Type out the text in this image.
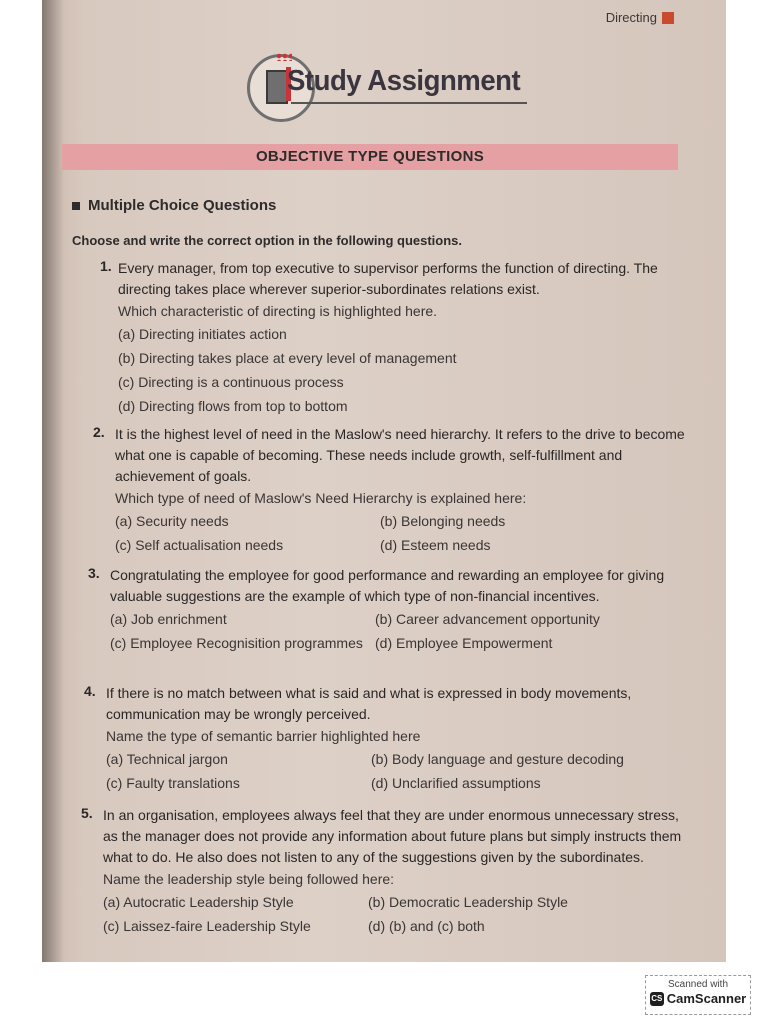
Directing
Study Assignment
OBJECTIVE TYPE QUESTIONS
Multiple Choice Questions
Choose and write the correct option in the following questions.
1. Every manager, from top executive to supervisor performs the function of directing. The directing takes place wherever superior-subordinates relations exist.
Which characteristic of directing is highlighted here.
(a) Directing initiates action
(b) Directing takes place at every level of management
(c) Directing is a continuous process
(d) Directing flows from top to bottom
2. It is the highest level of need in the Maslow's need hierarchy. It refers to the drive to become what one is capable of becoming. These needs include growth, self-fulfillment and achievement of goals.
Which type of need of Maslow's Need Hierarchy is explained here:
(a) Security needs	(b) Belonging needs
(c) Self actualisation needs	(d) Esteem needs
3. Congratulating the employee for good performance and rewarding an employee for giving valuable suggestions are the example of which type of non-financial incentives.
(a) Job enrichment	(b) Career advancement opportunity
(c) Employee Recognisition programmes (d) Employee Empowerment
4. If there is no match between what is said and what is expressed in body movements, communication may be wrongly perceived.
Name the type of semantic barrier highlighted here
(a) Technical jargon	(b) Body language and gesture decoding
(c) Faulty translations	(d) Unclarified assumptions
5. In an organisation, employees always feel that they are under enormous unnecessary stress, as the manager does not provide any information about future plans but simply instructs them what to do. He also does not listen to any of the suggestions given by the subordinates.
Name the leadership style being followed here:
(a) Autocratic Leadership Style	(b) Democratic Leadership Style
(c) Laissez-faire Leadership Style	(d) (b) and (c) both
Scanned with
CS CamScanner
